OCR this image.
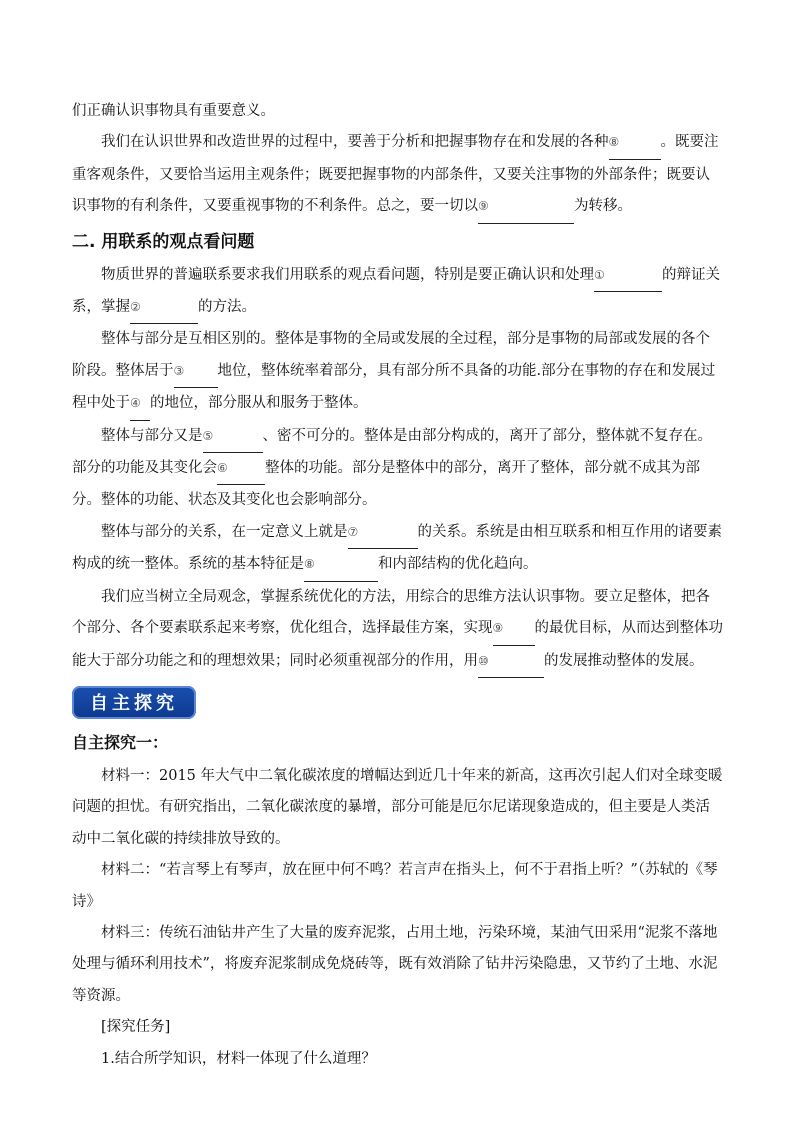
们正确认识事物具有重要意义。

我们在认识世界和改造世界的过程中，要善于分析和把握事物存在和发展的各种⑧	。既要注重客观条件，又要恰当运用主观条件；既要把握事物的内部条件，又要关注事物的外部条件；既要认识事物的有利条件，又要重视事物的不利条件。总之，要一切以⑨	为转移。

二. 用联系的观点看问题

物质世界的普遍联系要求我们用联系的观点看问题，特别是要正确认识和处理①	的辩证关系，掌握②	的方法。

整体与部分是互相区别的。整体是事物的全局或发展的全过程，部分是事物的局部或发展的各个阶段。整体居于③ 地位，整体统率着部分，具有部分所不具备的功能.部分在事物的存在和发展过程中处于④ 的地位，部分服从和服务于整体。

整体与部分又是⑤	、密不可分的。整体是由部分构成的，离开了部分，整体就不复存在。部分的功能及其变化会⑥	整体的功能。部分是整体中的部分，离开了整体，部分就不成其为部分。整体的功能、状态及其变化也会影响部分。

整体与部分的关系，在一定意义上就是⑦	的关系。系统是由相互联系和相互作用的诸要素构成的统一整体。系统的基本特征是⑧	和内部结构的优化趋向。

我们应当树立全局观念，掌握系统优化的方法，用综合的思维方法认识事物。要立足整体，把各个部分、各个要素联系起来考察，优化组合，选择最佳方案，实现⑨ 的最优目标，从而达到整体功能大于部分功能之和的理想效果；同时必须重视部分的作用，用⑩	的发展推动整体的发展。

自主探究
自主探究一：

材料一：2015 年大气中二氧化碳浓度的增幅达到近几十年来的新高，这再次引起人们对全球变暖问题的担忧。有研究指出，二氧化碳浓度的暴增，部分可能是厄尔尼诺现象造成的，但主要是人类活动中二氧化碳的持续排放导致的。

材料二：“若言琴上有琴声，放在匣中何不鸣？若言声在指头上，何不于君指上听？”（苏轼的《琴诗》

材料三：传统石油钻井产生了大量的废弃泥浆，占用土地，污染环境，某油气田采用“泥浆不落地处理与循环利用技术”，将废弃泥浆制成免烧砖等，既有效消除了钻井污染隐患，又节约了土地、水泥等资源。

[探究任务]

1.结合所学知识，材料一体现了什么道理？
